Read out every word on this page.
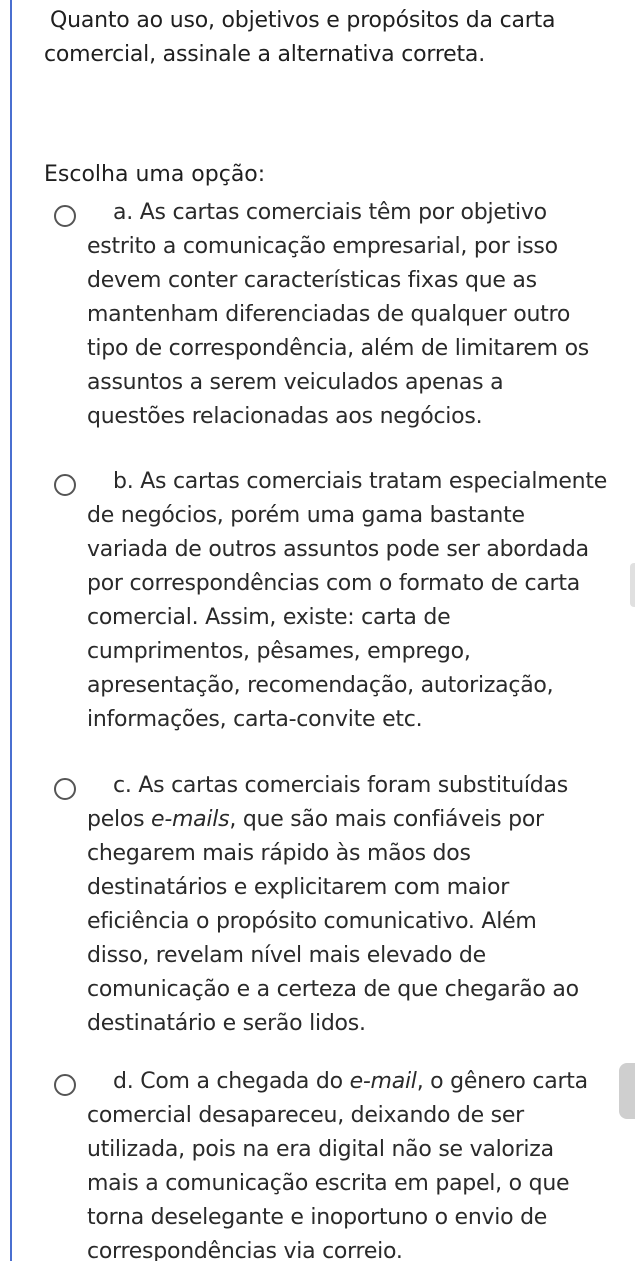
Quanto ao uso, objetivos e propósitos da carta
comercial, assinale a alternativa correta.
Escolha uma opção:
a. As cartas comerciais têm por objetivo
estrito a comunicação empresarial, por isso
devem conter características fixas que as
mantenham diferenciadas de qualquer outro
tipo de correspondência, além de limitarem os
assuntos a serem veiculados apenas a
questões relacionadas aos negócios.
b. As cartas comerciais tratam especialmente
de negócios, porém uma gama bastante
variada de outros assuntos pode ser abordada
por correspondências com o formato de carta
comercial. Assim, existe: carta de
cumprimentos, pêsames, emprego,
apresentação, recomendação, autorização,
informações, carta-convite etc.
c. As cartas comerciais foram substituídas
pelos e-mails, que são mais confiáveis por
chegarem mais rápido às mãos dos
destinatários e explicitarem com maior
eficiência o propósito comunicativo. Além
disso, revelam nível mais elevado de
comunicação e a certeza de que chegarão ao
destinatário e serão lidos.
d. Com a chegada do e-mail, o gênero carta
comercial desapareceu, deixando de ser
utilizada, pois na era digital não se valoriza
mais a comunicação escrita em papel, o que
torna deselegante e inoportuno o envio de
correspondências via correio.
